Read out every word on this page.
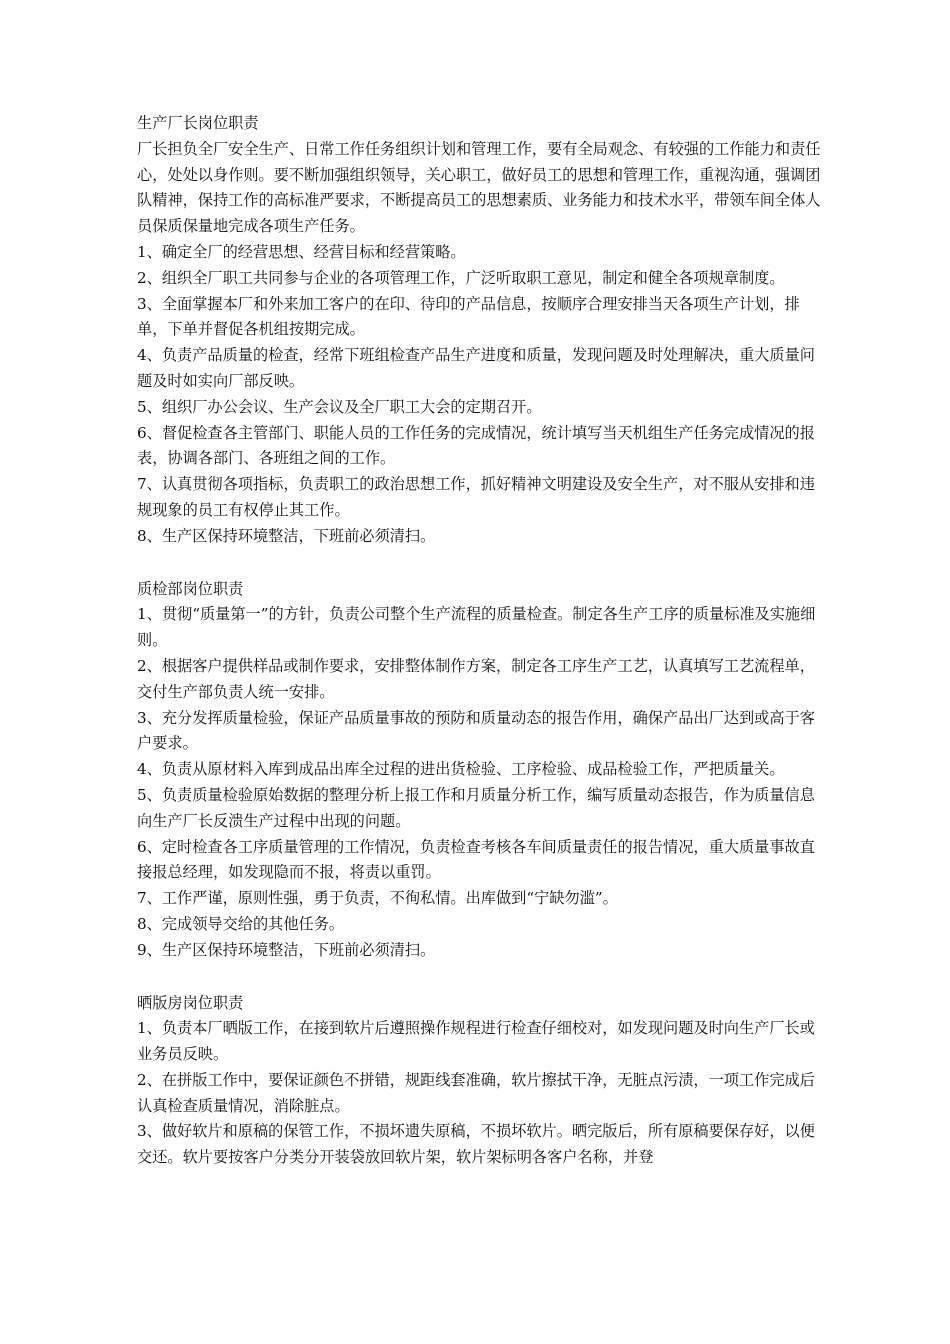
生产厂长岗位职责

厂长担负全厂安全生产、日常工作任务组织计划和管理工作，要有全局观念、有较强的工作能力和责任心，处处以身作则。要不断加强组织领导，关心职工，做好员工的思想和管理工作，重视沟通，强调团队精神，保持工作的高标准严要求，不断提高员工的思想素质、业务能力和技术水平，带领车间全体人员保质保量地完成各项生产任务。

1、确定全厂的经营思想、经营目标和经营策略。

2、组织全厂职工共同参与企业的各项管理工作，广泛听取职工意见，制定和健全各项规章制度。

3、全面掌握本厂和外来加工客户的在印、待印的产品信息，按顺序合理安排当天各项生产计划，排单，下单并督促各机组按期完成。

4、负责产品质量的检查，经常下班组检查产品生产进度和质量，发现问题及时处理解决，重大质量问题及时如实向厂部反映。

5、组织厂办公会议、生产会议及全厂职工大会的定期召开。

6、督促检查各主管部门、职能人员的工作任务的完成情况，统计填写当天机组生产任务完成情况的报表，协调各部门、各班组之间的工作。

7、认真贯彻各项指标，负责职工的政治思想工作，抓好精神文明建设及安全生产，对不服从安排和违规现象的员工有权停止其工作。

8、生产区保持环境整洁，下班前必须清扫。

质检部岗位职责

1、贯彻“质量第一”的方针，负责公司整个生产流程的质量检查。制定各生产工序的质量标准及实施细则。

2、根据客户提供样品或制作要求，安排整体制作方案，制定各工序生产工艺，认真填写工艺流程单，交付生产部负责人统一安排。

3、充分发挥质量检验，保证产品质量事故的预防和质量动态的报告作用，确保产品出厂达到或高于客户要求。

4、负责从原材料入库到成品出库全过程的进出货检验、工序检验、成品检验工作，严把质量关。

5、负责质量检验原始数据的整理分析上报工作和月质量分析工作，编写质量动态报告，作为质量信息向生产厂长反溃生产过程中出现的问题。

6、定时检查各工序质量管理的工作情况，负责检查考核各车间质量责任的报告情况，重大质量事故直接报总经理，如发现隐而不报，将责以重罚。

7、工作严谨，原则性强，勇于负责，不徇私情。出库做到“宁缺勿滥”。

8、完成领导交给的其他任务。

9、生产区保持环境整洁，下班前必须清扫。

晒版房岗位职责

1、负责本厂晒版工作，在接到软片后遵照操作规程进行检查仔细校对，如发现问题及时向生产厂长或业务员反映。

2、在拼版工作中，要保证颜色不拼错，规距线套准确，软片擦拭干净，无脏点污渍，一项工作完成后认真检查质量情况，消除脏点。

3、做好软片和原稿的保管工作，不损坏遗失原稿，不损坏软片。晒完版后，所有原稿要保存好，以便交还。软片要按客户分类分开装袋放回软片架，软片架标明各客户名称，并登
